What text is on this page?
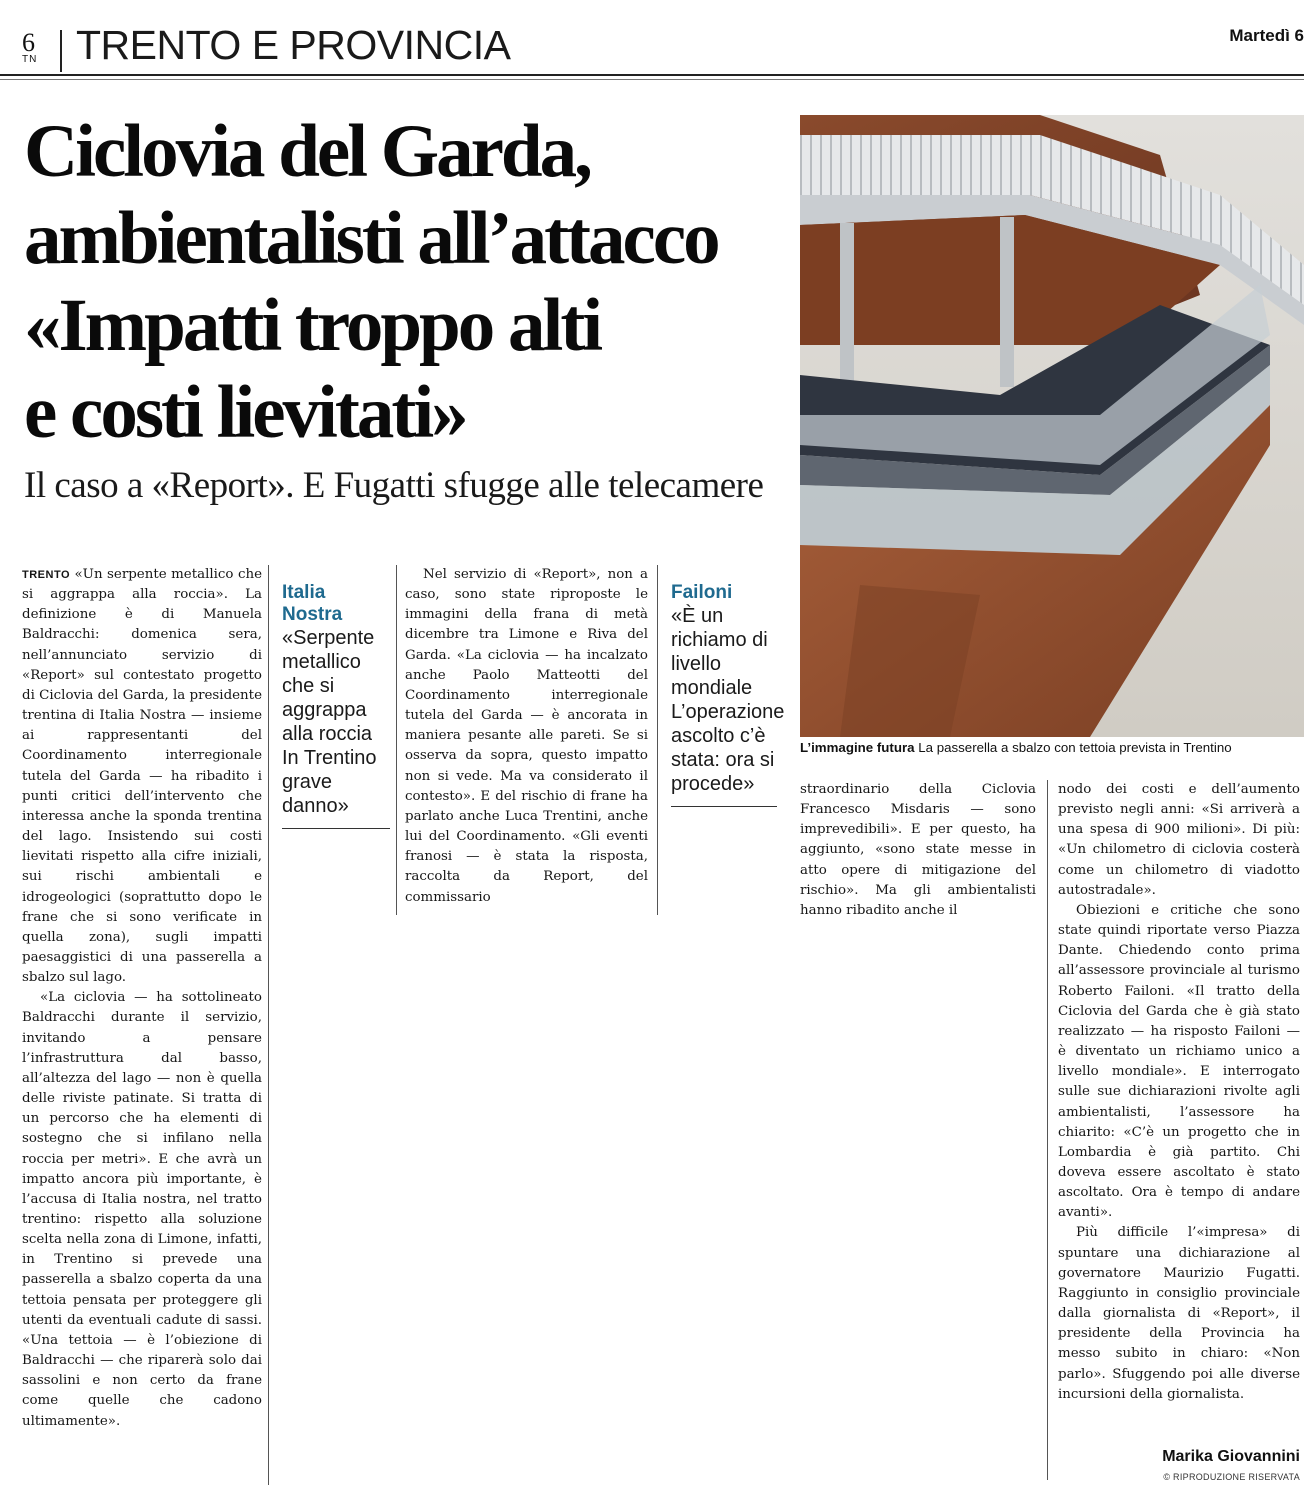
6
TN TRENTO E PROVINCIA	Martedì 6
Ciclovia del Garda,
ambientalisti all’attacco
«Impatti troppo alti
e costi lievitati»
Il caso a «Report». E Fugatti sfugge alle telecamere
L’immagine futura La passerella a sbalzo con tettoia prevista in Trentino

TRENTO «Un serpente metallico che si aggrappa alla roccia». La definizione è di Manuela Baldracchi: domenica sera, nell’annunciato servizio di «Report» sul contestato progetto di Ciclovia del Garda, la presidente trentina di Italia Nostra — insieme ai rappresentanti del Coordinamento interregionale tutela del Garda — ha ribadito i punti critici dell’intervento che interessa anche la sponda trentina del lago. Insistendo sui costi lievitati rispetto alla cifre iniziali, sui rischi ambientali e idrogeologici (soprattutto dopo le frane che si sono verificate in quella zona), sugli impatti paesaggistici di una passerella a sbalzo sul lago.

«La ciclovia — ha sottolineato Baldracchi durante il servizio, invitando a pensare l’infrastruttura dal basso, all’altezza del lago — non è quella delle riviste patinate. Si tratta di un percorso che ha elementi di sostegno che si infilano nella roccia per metri». E che avrà un impatto ancora più importante, è l’accusa di Italia nostra, nel tratto trentino: rispetto alla soluzione scelta nella zona di Limone, infatti, in Trentino si prevede una passerella a sbalzo coperta da una tettoia pensata per proteggere gli utenti da eventuali cadute di sassi. «Una tettoia — è l’obiezione di Baldracchi — che riparerà solo dai sassolini e non certo da frane come quelle che cadono ultimamente».

Italia
Nostra
«Serpente metallico che si aggrappa alla roccia In Trentino grave danno»

Nel servizio di «Report», non a caso, sono state riproposte le immagini della frana di metà dicembre tra Limone e Riva del Garda. «La ciclovia — ha incalzato anche Paolo Matteotti del Coordinamento interregionale tutela del Garda — è ancorata in maniera pesante alle pareti. Se si osserva da sopra, questo impatto non si vede. Ma va considerato il contesto». E del rischio di frane ha parlato anche Luca Trentini, anche lui del Coordinamento. «Gli eventi franosi — è stata la risposta, raccolta da Report, del commissario

Failoni
«È un richiamo di livello mondiale L’operazione ascolto c’è stata: ora si procede»	straordinario della Ciclovia Francesco Misdaris — sono imprevedibili». E per questo, ha aggiunto, «sono state messe in atto opere di mitigazione del rischio». Ma gli ambientalisti hanno ribadito anche il

nodo dei costi e dell’aumento previsto negli anni: «Si arriverà a una spesa di 900 milioni». Di più: «Un chilometro di ciclovia costerà come un chilometro di viadotto autostradale».

Obiezioni e critiche che sono state quindi riportate verso Piazza Dante. Chiedendo conto prima all’assessore provinciale al turismo Roberto Failoni. «Il tratto della Ciclovia del Garda che è già stato realizzato — ha risposto Failoni — è diventato un richiamo unico a livello mondiale». E interrogato sulle sue dichiarazioni rivolte agli ambientalisti, l’assessore ha chiarito: «C’è un progetto che in Lombardia è già partito. Chi doveva essere ascoltato è stato ascoltato. Ora è tempo di andare avanti».

Più difficile l’«impresa» di spuntare una dichiarazione al governatore Maurizio Fugatti. Raggiunto in consiglio provinciale dalla giornalista di «Report», il presidente della Provincia ha messo subito in chiaro: «Non parlo». Sfuggendo poi alle diverse incursioni della giornalista.

Marika Giovannini
© RIPRODUZIONE RISERVATA
